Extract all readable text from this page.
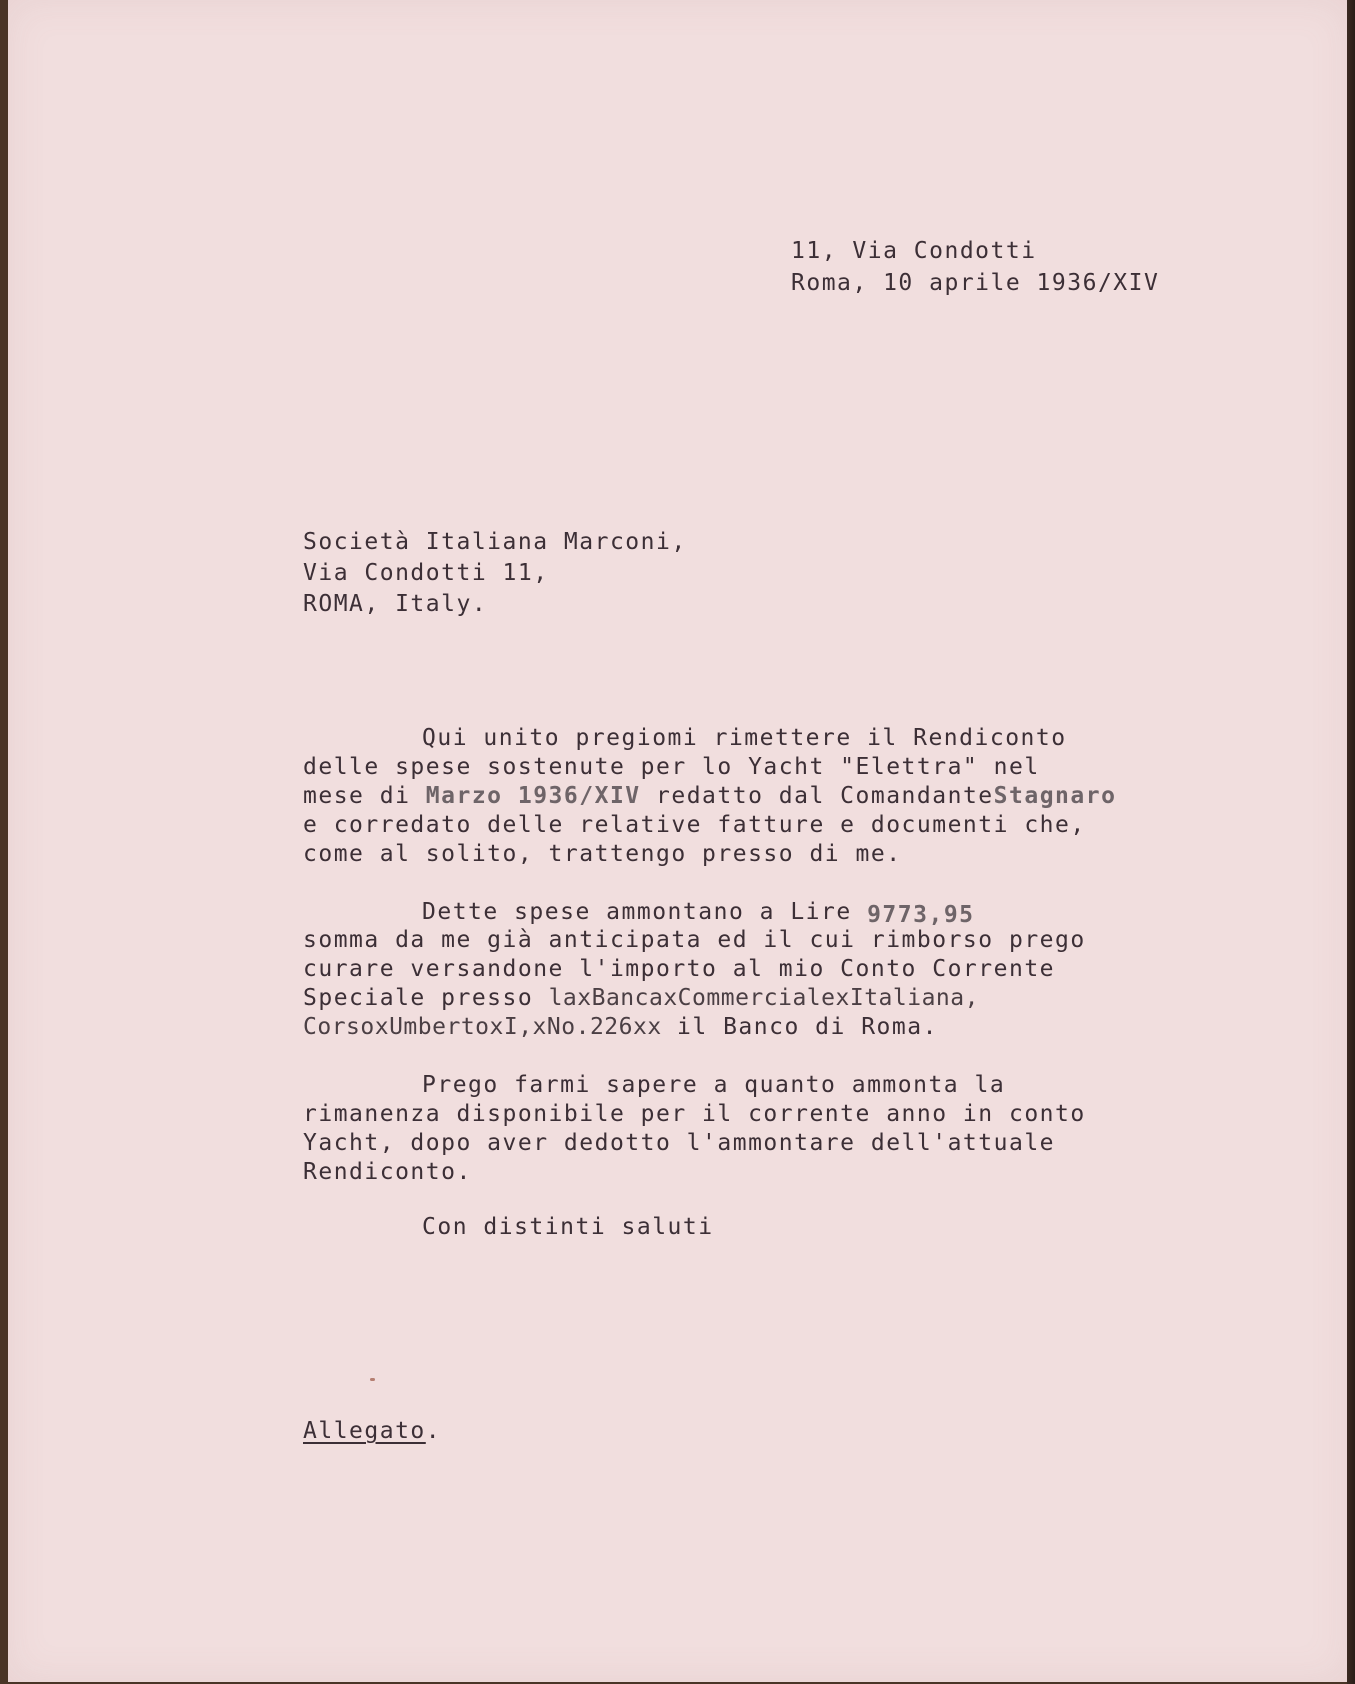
11, Via Condotti
Roma, 10 aprile 1936/XIV
Società Italiana Marconi,
Via Condotti 11,
ROMA, Italy.
Qui unito pregiomi rimettere il Rendiconto
delle spese sostenute per lo Yacht "Elettra" nel
mese di Marzo 1936/XIV redatto dal ComandanteStagnaro
e corredato delle relative fatture e documenti che,
come al solito, trattengo presso di me.
Dette spese ammontano a Lire 9773,95
somma da me già anticipata ed il cui rimborso prego
curare versandone l'importo al mio Conto Corrente
Speciale presso laxBancaxCommercialexItaliana,
CorsoxUmbertoxI,xNo.226xx il Banco di Roma.
Prego farmi sapere a quanto ammonta la
rimanenza disponibile per il corrente anno in conto
Yacht, dopo aver dedotto l'ammontare dell'attuale
Rendiconto.
Con distinti saluti
Allegato.
